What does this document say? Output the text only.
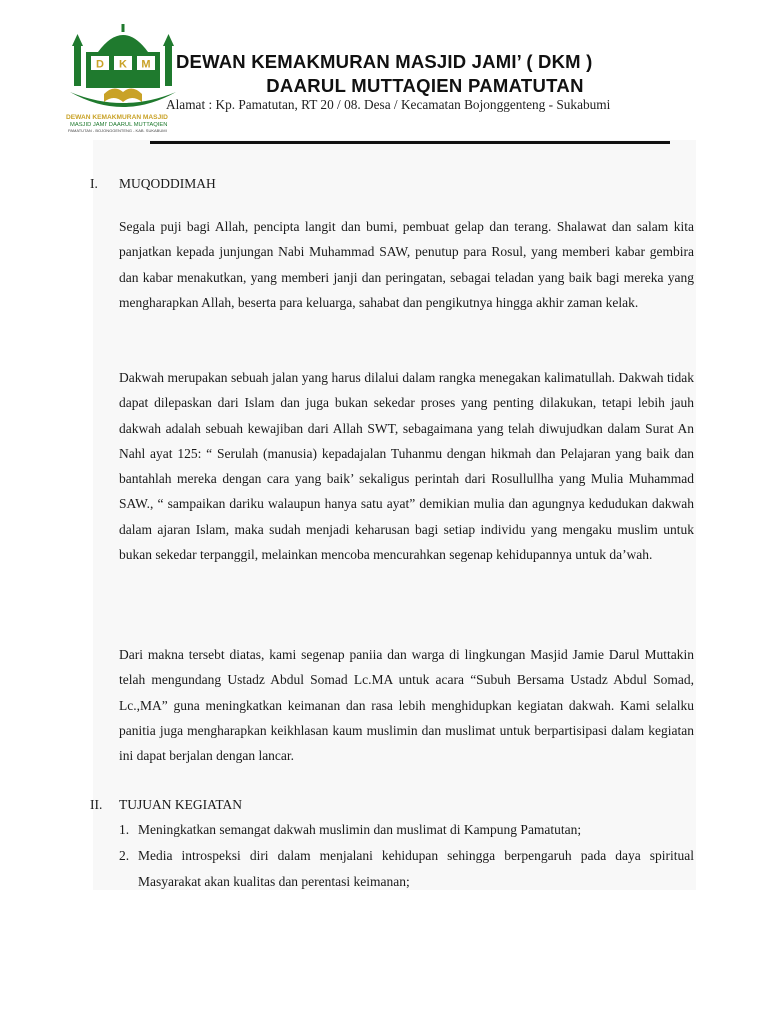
D K M
DEWAN KEMAKMURAN MASJID
MASJID JAMI' DAARUL MUTTAQIEN
PAMATUTAN - BOJONGGENTENG - KAB. SUKABUMI
DEWAN KEMAKMURAN MASJID JAMI’ ( DKM )
DAARUL MUTTAQIEN PAMATUTAN
Alamat : Kp. Pamatutan, RT 20 / 08. Desa / Kecamatan Bojonggenteng - Sukabumi
I. MUQODDIMAH

Segala puji bagi Allah, pencipta langit dan bumi, pembuat gelap dan terang. Shalawat dan salam kita panjatkan kepada junjungan Nabi Muhammad SAW, penutup para Rosul, yang memberi kabar gembira dan kabar menakutkan, yang memberi janji dan peringatan, sebagai teladan yang baik bagi mereka yang mengharapkan Allah, beserta para keluarga, sahabat dan pengikutnya hingga akhir zaman kelak.

Dakwah merupakan sebuah jalan yang harus dilalui dalam rangka menegakan kalimatullah. Dakwah tidak dapat dilepaskan dari Islam dan juga bukan sekedar proses yang penting dilakukan, tetapi lebih jauh dakwah adalah sebuah kewajiban dari Allah SWT, sebagaimana yang telah diwujudkan dalam Surat An Nahl ayat 125: “ Serulah (manusia) kepadajalan Tuhanmu dengan hikmah dan Pelajaran yang baik dan bantahlah mereka dengan cara yang baik’ sekaligus perintah dari Rosullullha yang Mulia Muhammad SAW., “ sampaikan dariku walaupun hanya satu ayat” demikian mulia dan agungnya kedudukan dakwah dalam ajaran Islam, maka sudah menjadi keharusan bagi setiap individu yang mengaku muslim untuk bukan sekedar terpanggil, melainkan mencoba mencurahkan segenap kehidupannya untuk da’wah.

Dari makna tersebt diatas, kami segenap paniia dan warga di lingkungan Masjid Jamie Darul Muttakin telah mengundang Ustadz Abdul Somad Lc.MA untuk acara “Subuh Bersama Ustadz Abdul Somad, Lc.,MA” guna meningkatkan keimanan dan rasa lebih menghidupkan kegiatan dakwah. Kami selalku panitia juga mengharapkan keikhlasan kaum muslimin dan muslimat untuk berpartisipasi dalam kegiatan ini dapat berjalan dengan lancar.

II. TUJUAN KEGIATAN
1. Meningkatkan semangat dakwah muslimin dan muslimat di Kampung Pamatutan;
2. Media introspeksi diri dalam menjalani kehidupan sehingga berpengaruh pada daya spiritual Masyarakat akan kualitas dan perentasi keimanan;
